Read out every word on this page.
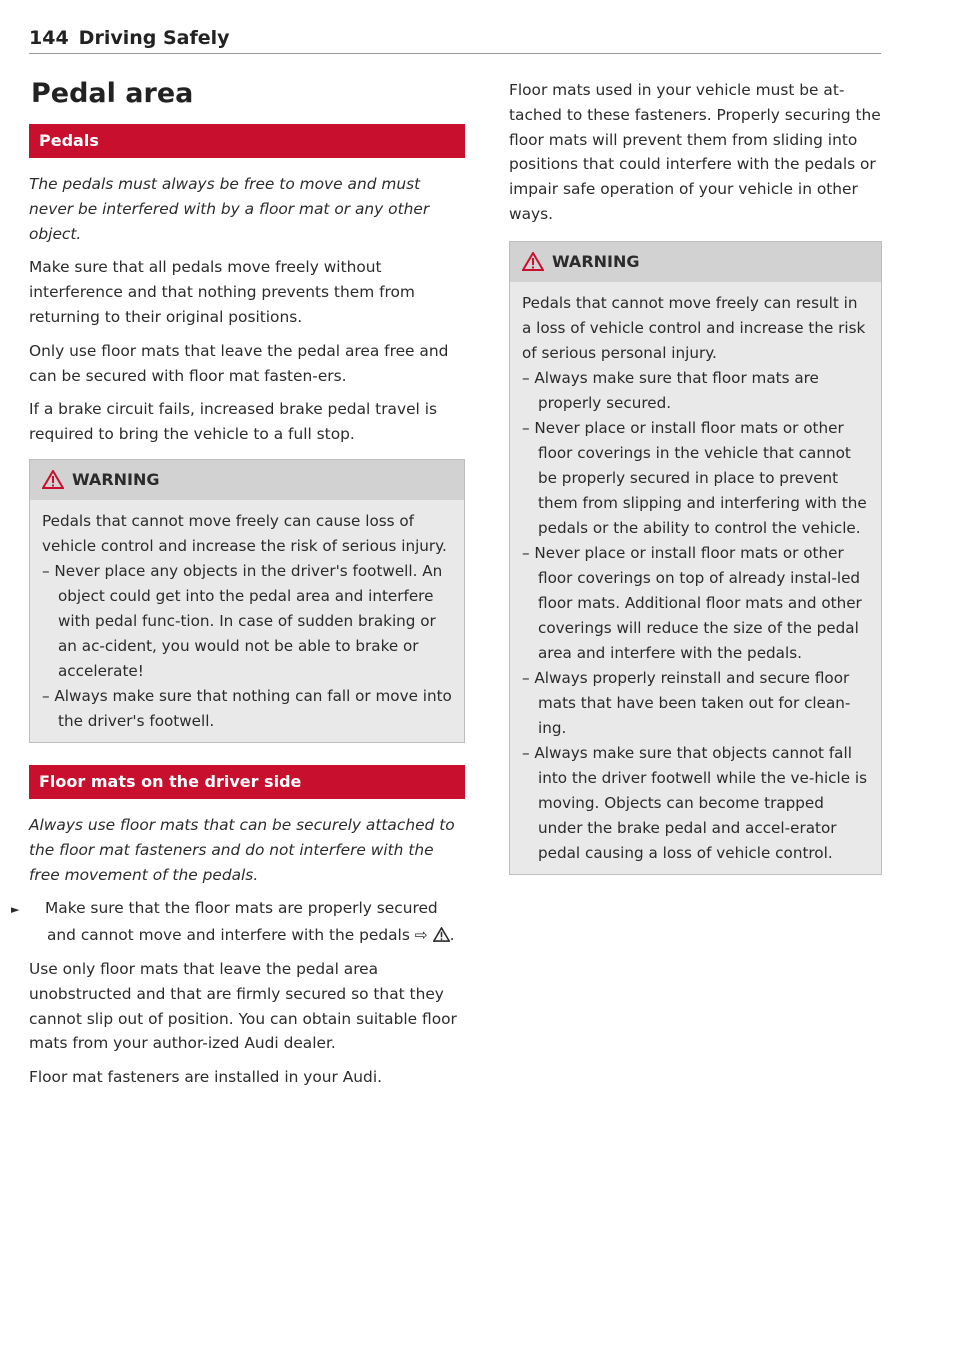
144 Driving Safely
Pedal area
Pedals

The pedals must always be free to move and must never be interfered with by a floor mat or any other object.

Make sure that all pedals move freely without interference and that nothing prevents them from returning to their original positions.

Only use floor mats that leave the pedal area free and can be secured with floor mat fasten-ers.

If a brake circuit fails, increased brake pedal travel is required to bring the vehicle to a full stop.

WARNING

Pedals that cannot move freely can cause loss of vehicle control and increase the risk of serious injury.

– Never place any objects in the driver's footwell. An object could get into the pedal area and interfere with pedal func-tion. In case of sudden braking or an ac-cident, you would not be able to brake or accelerate!

– Always make sure that nothing can fall or move into the driver's footwell.

Floor mats on the driver side

Always use floor mats that can be securely attached to the floor mat fasteners and do not interfere with the free movement of the pedals.

► Make sure that the floor mats are properly secured and cannot move and interfere with the pedals ⇨ .

Use only floor mats that leave the pedal area unobstructed and that are firmly secured so that they cannot slip out of position. You can obtain suitable floor mats from your author-ized Audi dealer.

Floor mat fasteners are installed in your Audi.

Floor mats used in your vehicle must be at-tached to these fasteners. Properly securing the floor mats will prevent them from sliding into positions that could interfere with the pedals or impair safe operation of your vehicle in other ways.

WARNING

Pedals that cannot move freely can result in a loss of vehicle control and increase the risk of serious personal injury.

– Always make sure that floor mats are properly secured.

– Never place or install floor mats or other floor coverings in the vehicle that cannot be properly secured in place to prevent them from slipping and interfering with the pedals or the ability to control the vehicle.

– Never place or install floor mats or other floor coverings on top of already instal-led floor mats. Additional floor mats and other coverings will reduce the size of the pedal area and interfere with the pedals.

– Always properly reinstall and secure floor mats that have been taken out for clean-ing.

– Always make sure that objects cannot fall into the driver footwell while the ve-hicle is moving. Objects can become trapped under the brake pedal and accel-erator pedal causing a loss of vehicle control.
